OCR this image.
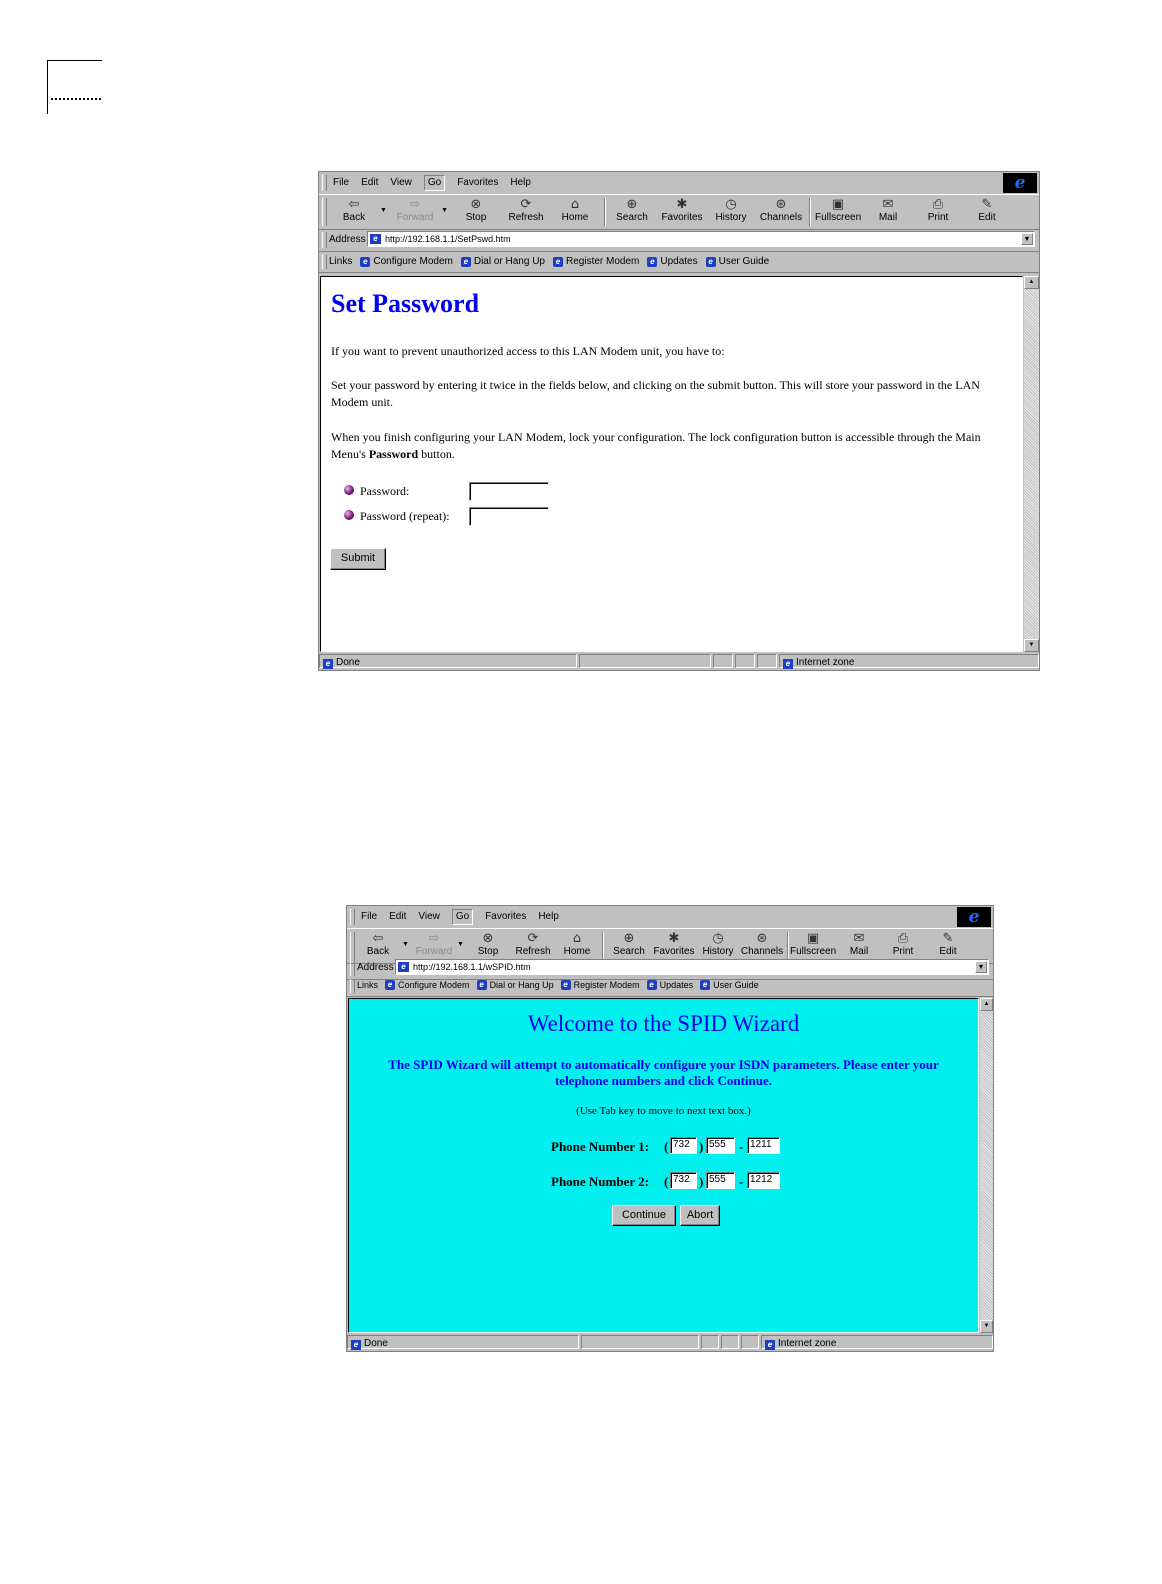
File Edit View	Go	Favorites Help	e
⇦
Back
▼	⇨
Forward
▼	⊗
Stop
⟳
Refresh
⌂
Home
⊕
Search
✱
Favorites
◷
History
⊛
Channels
▣
Fullscreen
✉
Mail
⎙
Print
✎
Edit
Address e http://192.168.1.1/SetPswd.htm	▼
Links	e Configure Modem	e Dial or Hang Up	e Register Modem	e Updates	e User Guide
Set Password

If you want to prevent unauthorized access to this LAN Modem unit, you have to:

Set your password by entering it twice in the fields below, and clicking on the submit button. This will store your password in the LAN Modem unit.

When you finish configuring your LAN Modem, lock your configuration. The lock configuration button is accessible through the Main Menu's Password button.

Password:
Password (repeat):
Submit
▲
▼
e Done	e Internet zone
File Edit View	Go	Favorites Help	e
⇦
Back
▼	⇨
Forward
▼	⊗
Stop
⟳
Refresh
⌂
Home
⊕
Search
✱
Favorites
◷
History
⊛
Channels
▣
Fullscreen
✉
Mail
⎙
Print
✎
Edit
Address e http://192.168.1.1/wSPID.htm	▼
Links	e Configure Modem	e Dial or Hang Up	e Register Modem	e Updates	e User Guide
Welcome to the SPID Wizard
The SPID Wizard will attempt to automatically configure your ISDN parameters. Please enter your telephone numbers and click Continue.
(Use Tab key to move to next text box.)
Phone Number 1: ( 732 ) 555	- 1211
Phone Number 2: ( 732 ) 555	- 1212
Continue	Abort
▲
▼
e Done	e Internet zone
